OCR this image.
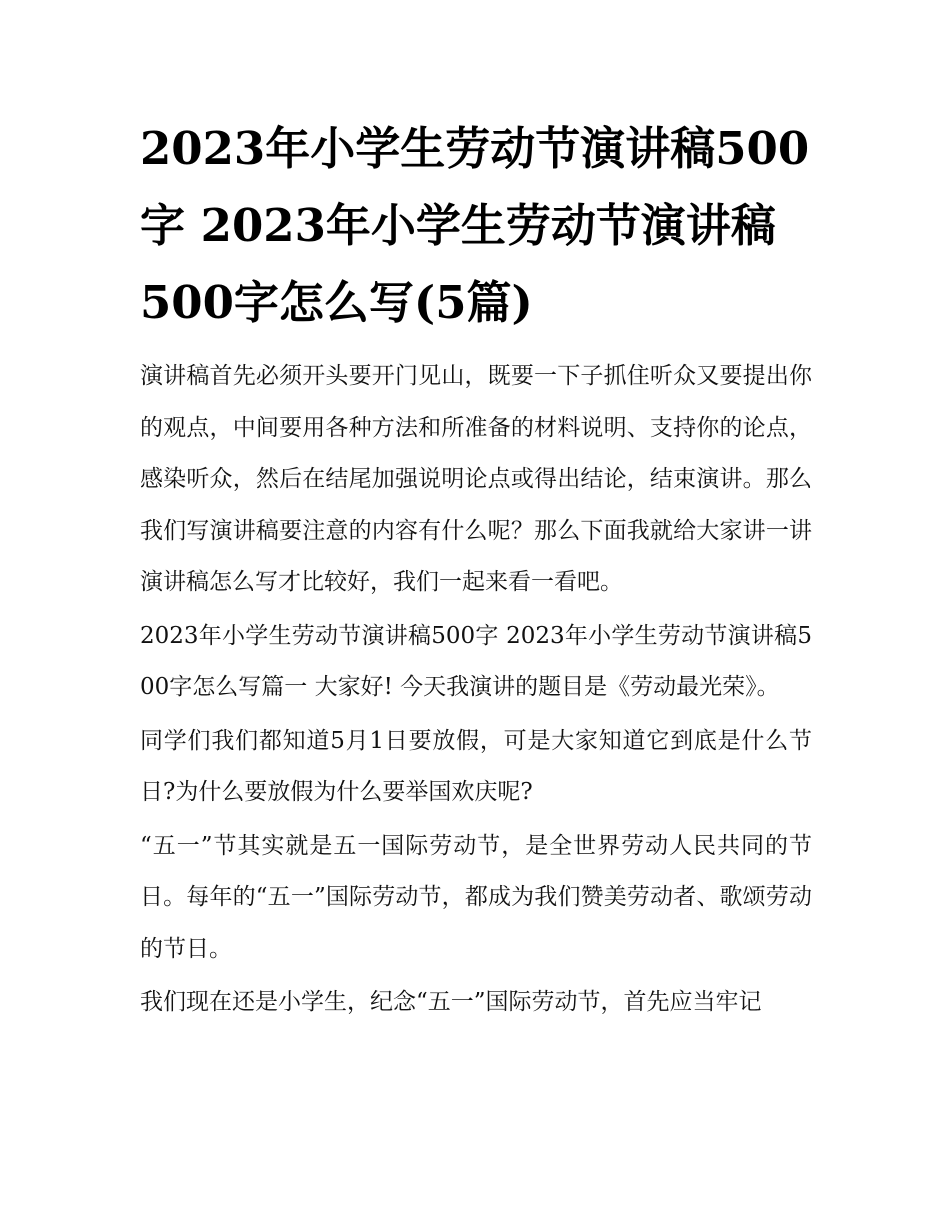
2023年小学生劳动节演讲稿500字 2023年小学生劳动节演讲稿500字怎么写(5篇)

演讲稿首先必须开头要开门见山，既要一下子抓住听众又要提出你的观点，中间要用各种方法和所准备的材料说明、支持你的论点，感染听众，然后在结尾加强说明论点或得出结论，结束演讲。那么我们写演讲稿要注意的内容有什么呢？那么下面我就给大家讲一讲演讲稿怎么写才比较好，我们一起来看一看吧。

2023年小学生劳动节演讲稿500字 2023年小学生劳动节演讲稿500字怎么写篇一 大家好! 今天我演讲的题目是《劳动最光荣》。

同学们我们都知道5月1日要放假，可是大家知道它到底是什么节日?为什么要放假为什么要举国欢庆呢?

“五一”节其实就是五一国际劳动节，是全世界劳动人民共同的节日。每年的“五一”国际劳动节，都成为我们赞美劳动者、歌颂劳动的节日。

我们现在还是小学生，纪念“五一”国际劳动节，首先应当牢记
